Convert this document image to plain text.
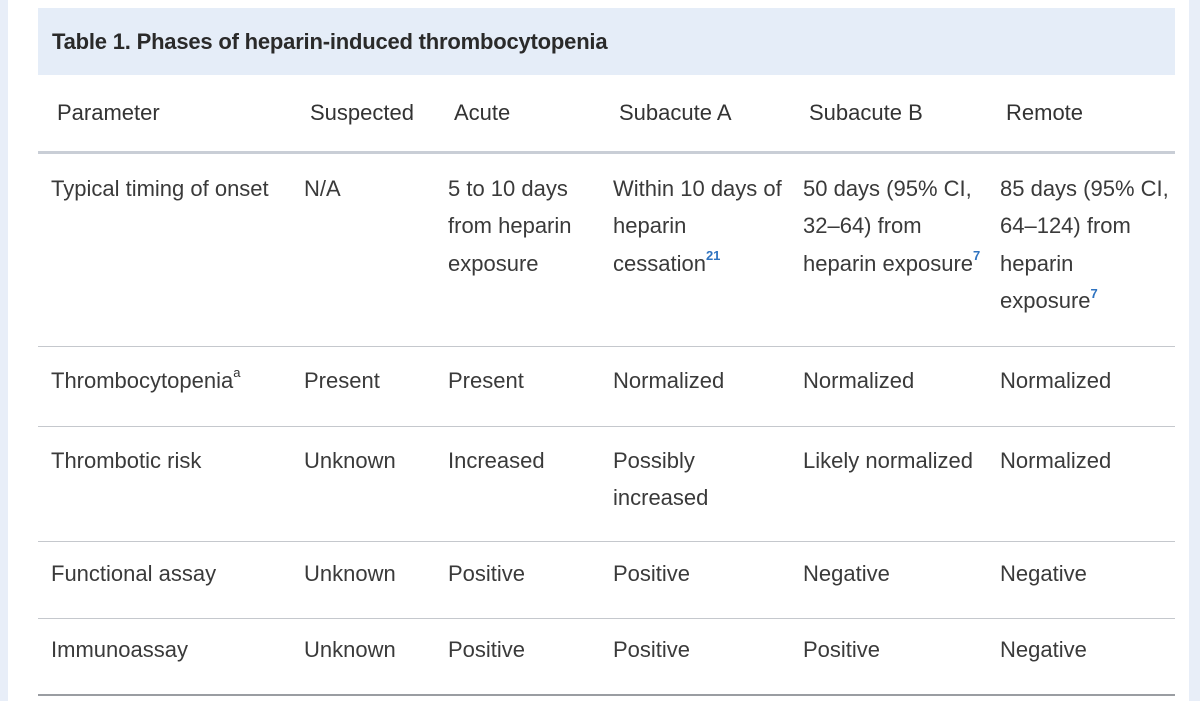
Table 1. Phases of heparin-induced thrombocytopenia
Parameter	Suspected	Acute	Subacute A	Subacute B	Remote
Typical timing of onset	N/A	5 to 10 days from heparin exposure	Within 10 days of heparin cessation$^{21}$	50 days (95% CI, 32–64) from heparin exposure$^7$	85 days (95% CI, 64–124) from heparin exposure$^7$
Thrombocytopenia$^a$	Present	Present	Normalized	Normalized	Normalized
Thrombotic risk	Unknown	Increased	Possibly increased	Likely normalized	Normalized
Functional assay	Unknown	Positive	Positive	Negative	Negative
Immunoassay	Unknown	Positive	Positive	Positive	Negative
